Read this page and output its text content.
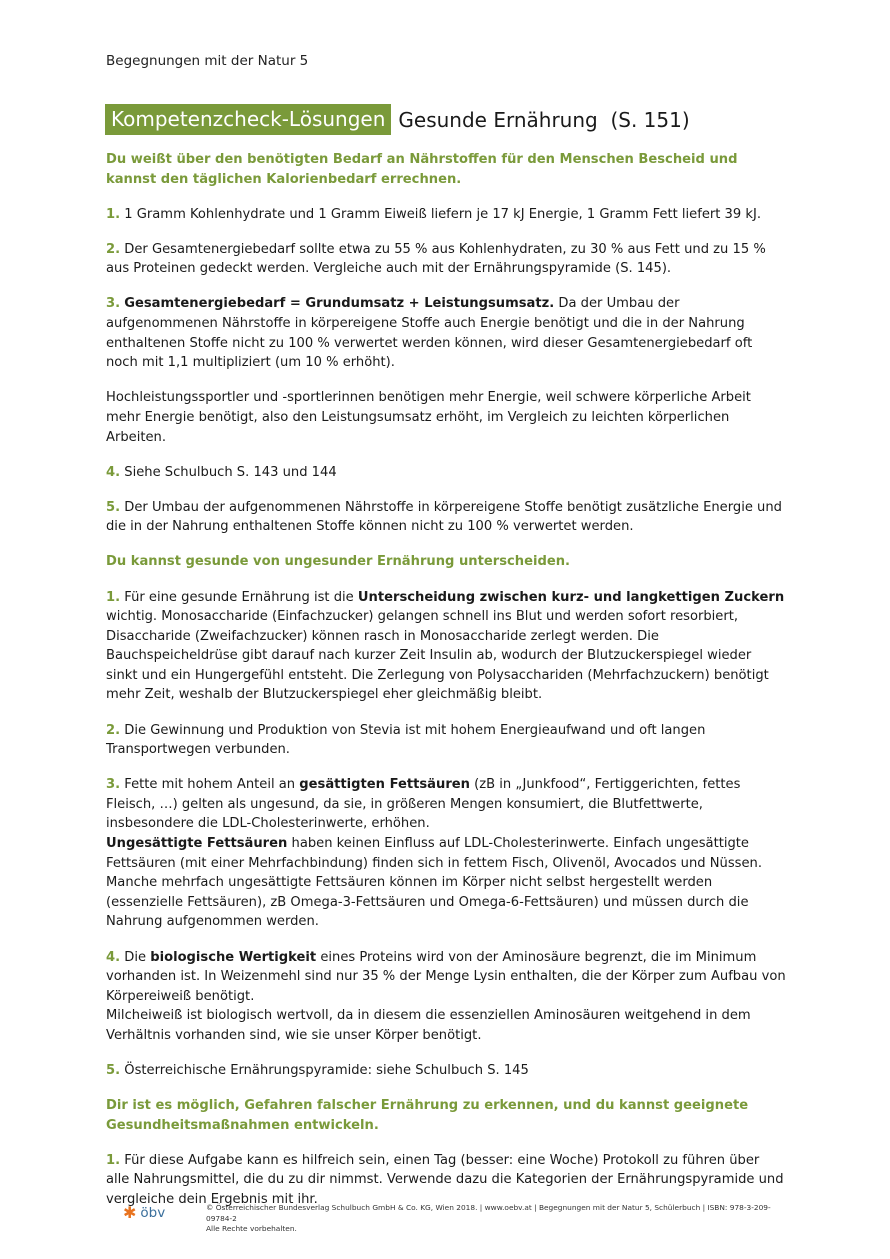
Begegnungen mit der Natur 5
Kompetenzcheck-Lösungen Gesunde Ernährung (S. 151)

Du weißt über den benötigten Bedarf an Nährstoffen für den Menschen Bescheid und kannst den täglichen Kalorienbedarf errechnen.

1. 1 Gramm Kohlenhydrate und 1 Gramm Eiweiß liefern je 17 kJ Energie, 1 Gramm Fett liefert 39 kJ.

2. Der Gesamtenergiebedarf sollte etwa zu 55 % aus Kohlenhydraten, zu 30 % aus Fett und zu 15 % aus Proteinen gedeckt werden. Vergleiche auch mit der Ernährungspyramide (S. 145).

3. Gesamtenergiebedarf = Grundumsatz + Leistungsumsatz. Da der Umbau der aufgenommenen Nährstoffe in körpereigene Stoffe auch Energie benötigt und die in der Nahrung enthaltenen Stoffe nicht zu 100 % verwertet werden können, wird dieser Gesamtenergiebedarf oft noch mit 1,1 multipliziert (um 10 % erhöht).

Hochleistungssportler und -sportlerinnen benötigen mehr Energie, weil schwere körperliche Arbeit mehr Energie benötigt, also den Leistungsumsatz erhöht, im Vergleich zu leichten körperlichen Arbeiten.

4. Siehe Schulbuch S. 143 und 144

5. Der Umbau der aufgenommenen Nährstoffe in körpereigene Stoffe benötigt zusätzliche Energie und die in der Nahrung enthaltenen Stoffe können nicht zu 100 % verwertet werden.

Du kannst gesunde von ungesunder Ernährung unterscheiden.

1. Für eine gesunde Ernährung ist die Unterscheidung zwischen kurz- und langkettigen Zuckern wichtig. Monosaccharide (Einfachzucker) gelangen schnell ins Blut und werden sofort resorbiert, Disaccharide (Zweifachzucker) können rasch in Monosaccharide zerlegt werden. Die Bauchspeicheldrüse gibt darauf nach kurzer Zeit Insulin ab, wodurch der Blutzuckerspiegel wieder sinkt und ein Hungergefühl entsteht. Die Zerlegung von Polysacchariden (Mehrfachzuckern) benötigt mehr Zeit, weshalb der Blutzuckerspiegel eher gleichmäßig bleibt.

2. Die Gewinnung und Produktion von Stevia ist mit hohem Energieaufwand und oft langen Transportwegen verbunden.

3. Fette mit hohem Anteil an gesättigten Fettsäuren (zB in „Junkfood“, Fertiggerichten, fettes Fleisch, …) gelten als ungesund, da sie, in größeren Mengen konsumiert, die Blutfettwerte, insbesondere die LDL-Cholesterinwerte, erhöhen.
Ungesättigte Fettsäuren haben keinen Einfluss auf LDL-Cholesterinwerte. Einfach ungesättigte Fettsäuren (mit einer Mehrfachbindung) finden sich in fettem Fisch, Olivenöl, Avocados und Nüssen. Manche mehrfach ungesättigte Fettsäuren können im Körper nicht selbst hergestellt werden (essenzielle Fettsäuren), zB Omega-3-Fettsäuren und Omega-6-Fettsäuren) und müssen durch die Nahrung aufgenommen werden.

4. Die biologische Wertigkeit eines Proteins wird von der Aminosäure begrenzt, die im Minimum vorhanden ist. In Weizenmehl sind nur 35 % der Menge Lysin enthalten, die der Körper zum Aufbau von Körpereiweiß benötigt.
Milcheiweiß ist biologisch wertvoll, da in diesem die essenziellen Aminosäuren weitgehend in dem Verhältnis vorhanden sind, wie sie unser Körper benötigt.

5. Österreichische Ernährungspyramide: siehe Schulbuch S. 145

Dir ist es möglich, Gefahren falscher Ernährung zu erkennen, und du kannst geeignete Gesundheitsmaßnahmen entwickeln.

1. Für diese Aufgabe kann es hilfreich sein, einen Tag (besser: eine Woche) Protokoll zu führen über alle Nahrungsmittel, die du zu dir nimmst. Verwende dazu die Kategorien der Ernährungspyramide und vergleiche dein Ergebnis mit ihr.

✱ öbv	© Österreichischer Bundesverlag Schulbuch GmbH & Co. KG, Wien 2018. | www.oebv.at | Begegnungen mit der Natur 5, Schülerbuch | ISBN: 978-3-209-09784-2
Alle Rechte vorbehalten.
